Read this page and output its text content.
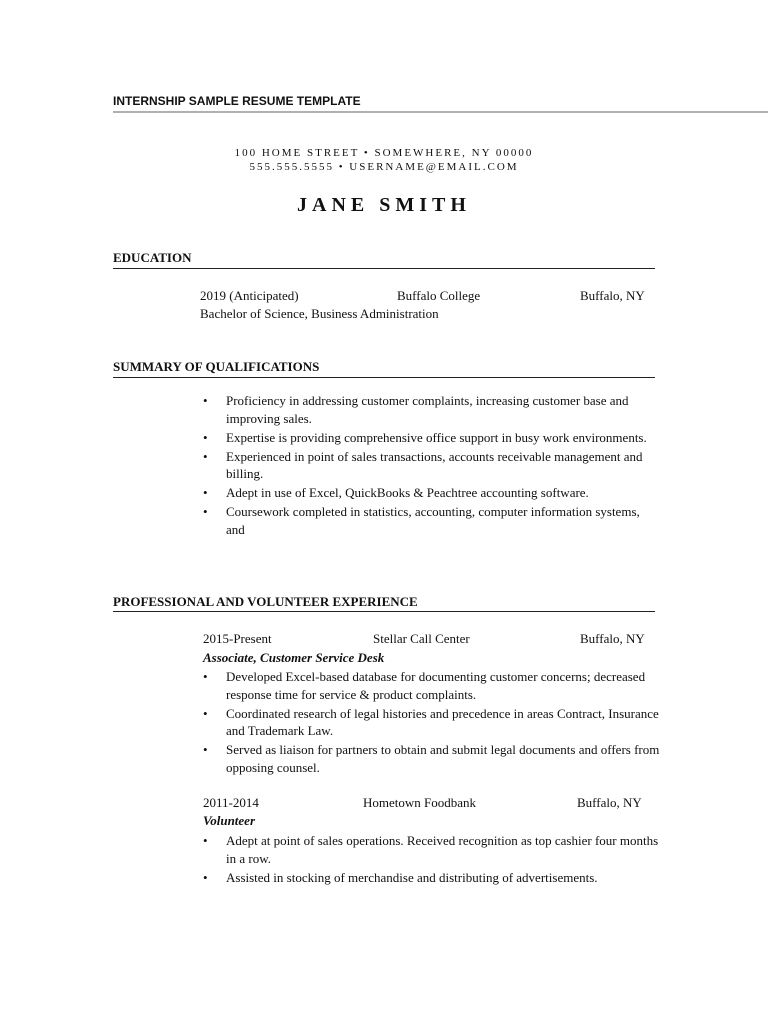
INTERNSHIP SAMPLE RESUME TEMPLATE
100 HOME STREET • SOMEWHERE, NY 00000
555.555.5555 • USERNAME@EMAIL.COM
JANE SMITH
EDUCATION
2019 (Anticipated)	Buffalo College	Buffalo, NY
Bachelor of Science, Business Administration
SUMMARY OF QUALIFICATIONS
• Proficiency in addressing customer complaints, increasing customer base and improving sales.
• Expertise is providing comprehensive office support in busy work environments.
• Experienced in point of sales transactions, accounts receivable management and billing.
• Adept in use of Excel, QuickBooks & Peachtree accounting software.
• Coursework completed in statistics, accounting, computer information systems, and
PROFESSIONAL AND VOLUNTEER EXPERIENCE
2015-Present	Stellar Call Center	Buffalo, NY
Associate, Customer Service Desk
• Developed Excel-based database for documenting customer concerns; decreased response time for service & product complaints.
• Coordinated research of legal histories and precedence in areas Contract, Insurance and Trademark Law.
• Served as liaison for partners to obtain and submit legal documents and offers from opposing counsel.
2011-2014	Hometown Foodbank	Buffalo, NY
Volunteer
• Adept at point of sales operations. Received recognition as top cashier four months in a row.
• Assisted in stocking of merchandise and distributing of advertisements.
